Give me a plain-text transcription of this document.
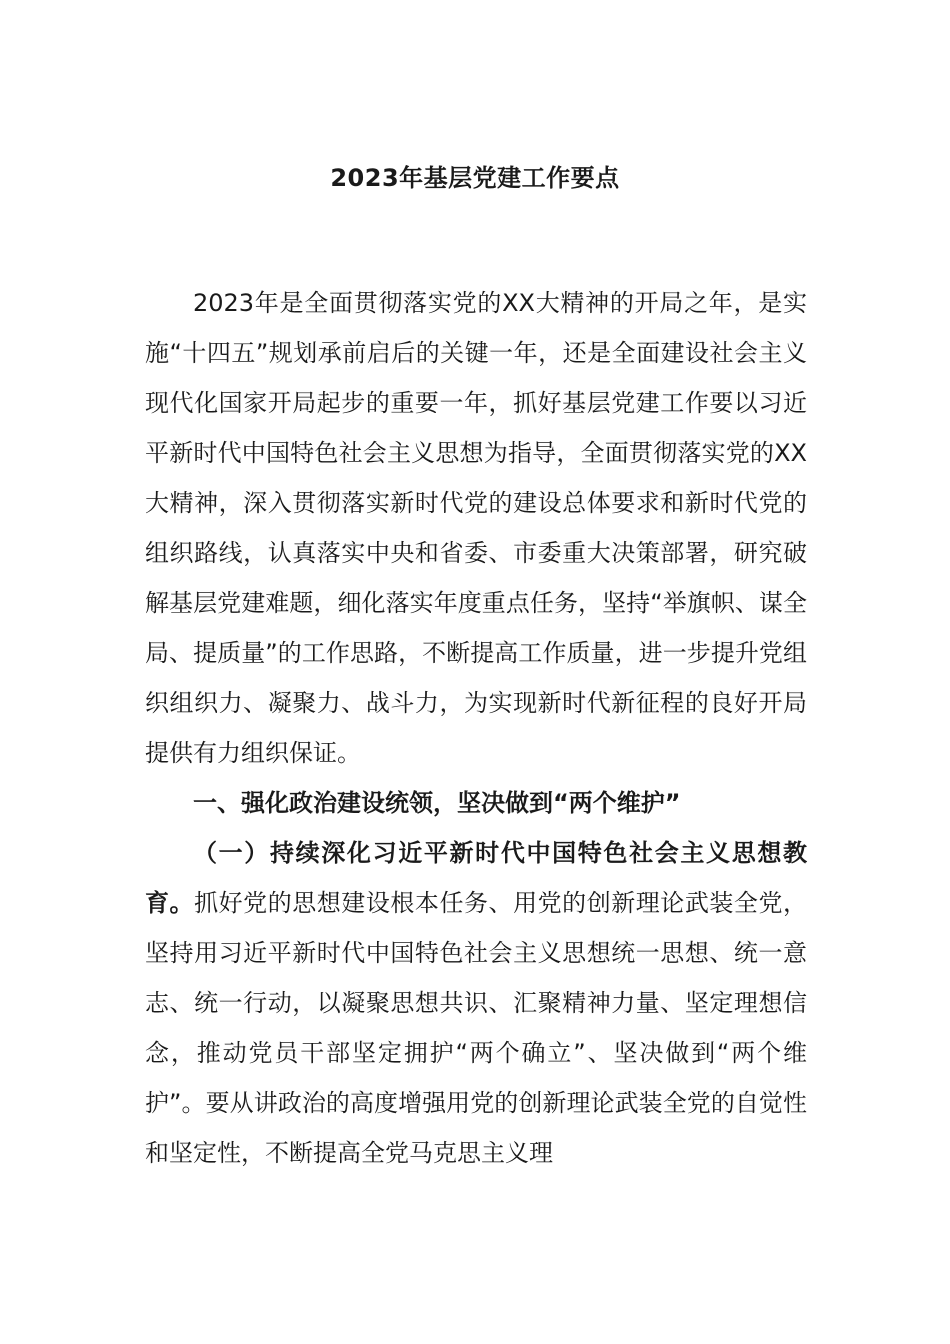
2023年基层党建工作要点

2023年是全面贯彻落实党的XX大精神的开局之年，是实施“十四五”规划承前启后的关键一年，还是全面建设社会主义现代化国家开局起步的重要一年，抓好基层党建工作要以习近平新时代中国特色社会主义思想为指导，全面贯彻落实党的XX大精神，深入贯彻落实新时代党的建设总体要求和新时代党的组织路线，认真落实中央和省委、市委重大决策部署，研究破解基层党建难题，细化落实年度重点任务，坚持“举旗帜、谋全局、提质量”的工作思路，不断提高工作质量，进一步提升党组织组织力、凝聚力、战斗力，为实现新时代新征程的良好开局提供有力组织保证。

一、强化政治建设统领，坚决做到“两个维护”

（一）持续深化习近平新时代中国特色社会主义思想教育。抓好党的思想建设根本任务、用党的创新理论武装全党，坚持用习近平新时代中国特色社会主义思想统一思想、统一意志、统一行动，以凝聚思想共识、汇聚精神力量、坚定理想信念，推动党员干部坚定拥护“两个确立”、坚决做到“两个维护”。要从讲政治的高度增强用党的创新理论武装全党的自觉性和坚定性，不断提高全党马克思主义理
